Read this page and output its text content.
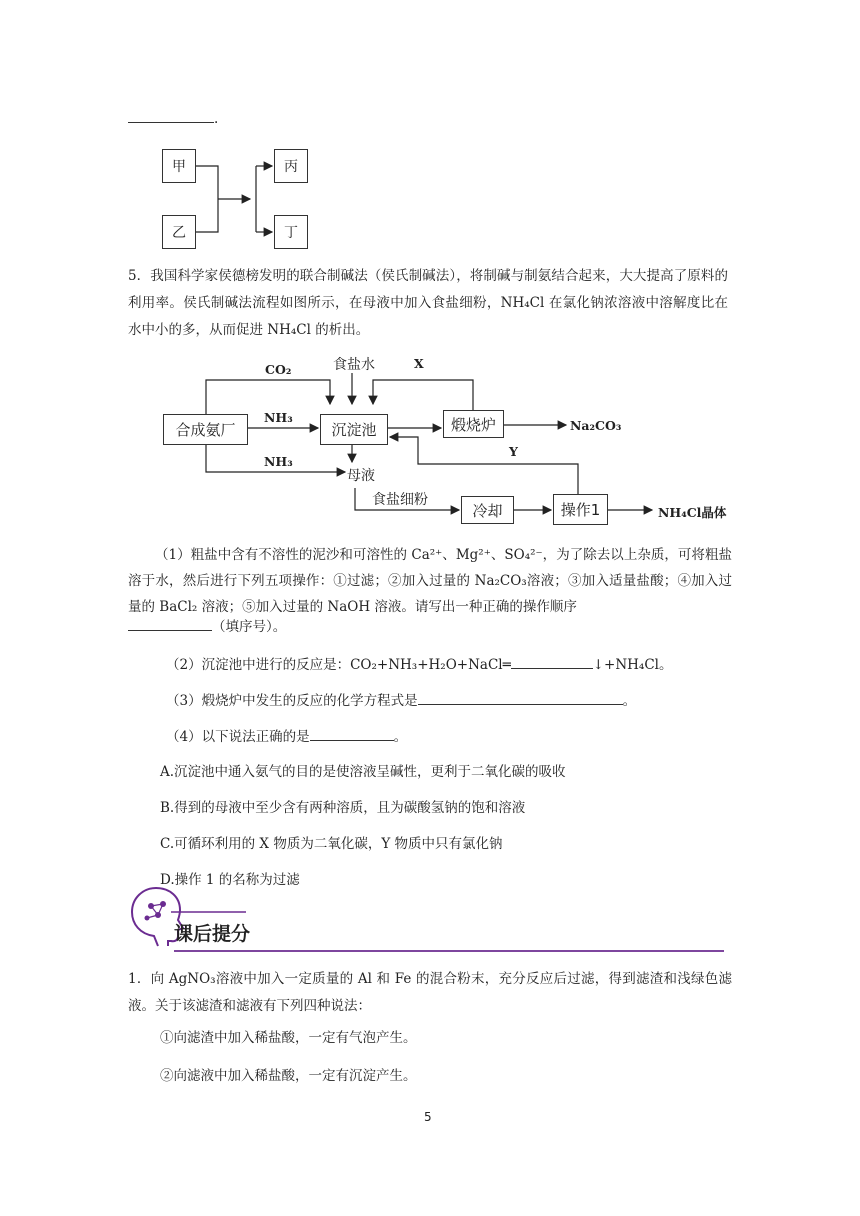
.
甲
乙
丙
丁
5．我国科学家侯德榜发明的联合制碱法（侯氏制碱法），将制碱与制氨结合起来，大大提高了原料的利用率。侯氏制碱法流程如图所示，在母液中加入食盐细粉，NH₄Cl 在氯化钠浓溶液中溶解度比在水中小的多，从而促进 NH₄Cl 的析出。
合成氨厂	沉淀池	煅烧炉
冷却	操作1
母液
CO₂	食盐水	X
NH₃
NH₃
Na₂CO₃
Y
食盐细粉
NH₄Cl晶体
（1）粗盐中含有不溶性的泥沙和可溶性的 Ca²⁺、Mg²⁺、SO₄²⁻，为了除去以上杂质，可将粗盐溶于水，然后进行下列五项操作：①过滤；②加入过量的 Na₂CO₃溶液；③加入适量盐酸；④加入过量的 BaCl₂ 溶液；⑤加入过量的 NaOH 溶液。请写出一种正确的操作顺序
（填序号）。
（2）沉淀池中进行的反应是：CO₂+NH₃+H₂O+NaCl═	↓+NH₄Cl。
（3）煅烧炉中发生的反应的化学方程式是	。
（4）以下说法正确的是	。
A.沉淀池中通入氨气的目的是使溶液呈碱性，更利于二氧化碳的吸收
B.得到的母液中至少含有两种溶质，且为碳酸氢钠的饱和溶液
C.可循环利用的 X 物质为二氧化碳，Y 物质中只有氯化钠
D.操作 1 的名称为过滤
课后提分
1．向 AgNO₃溶液中加入一定质量的 Al 和 Fe 的混合粉末，充分反应后过滤，得到滤渣和浅绿色滤液。关于该滤渣和滤液有下列四种说法：
①向滤渣中加入稀盐酸，一定有气泡产生。
②向滤液中加入稀盐酸，一定有沉淀产生。
5
